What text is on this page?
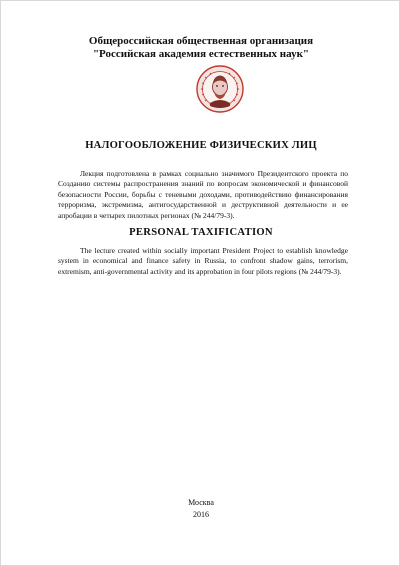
Общероссийская общественная организация
"Российская академия естественных наук"
НАЛОГООБЛОЖЕНИЕ ФИЗИЧЕСКИХ ЛИЦ
Лекция подготовлена в рамках социально значимого Президентского проекта по Созданию системы распространения знаний по вопросам экономической и финансовой безопасности России, борьбы с теневыми доходами, противодействию финансирования терроризма, экстремизма, антигосударственной и деструктивной деятельности и ее апробации в четырех пилотных регионах (№ 244/79-3).
PERSONAL TAXIFICATION
The lecture created within socially important President Project to establish knowledge system in economical and finance safety in Russia, to confront shadow gains, terrorism, extremism, anti-governmental activity and its approbation in four pilots regions (№ 244/79-3).
Москва
2016
